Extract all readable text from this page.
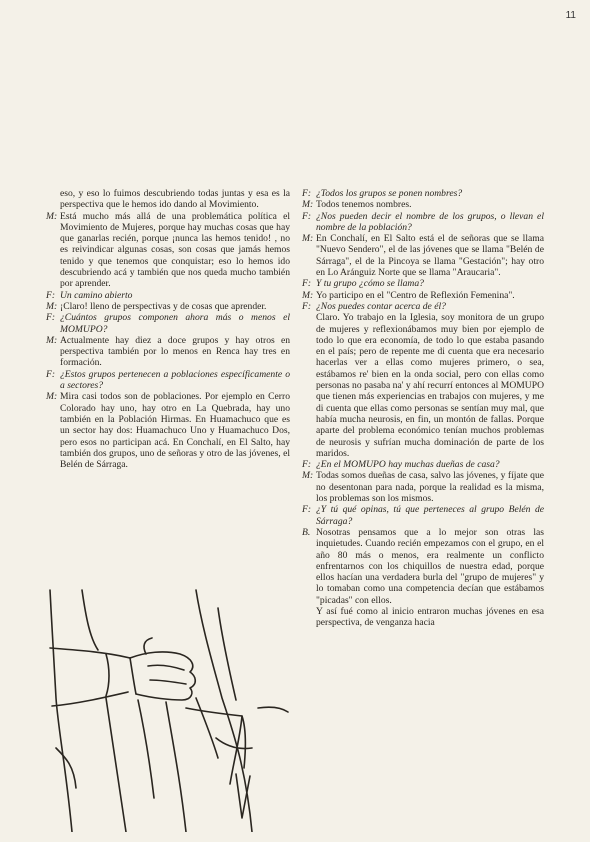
11
eso, y eso lo fuimos descubriendo todas juntas y esa es la perspectiva que le hemos ido dando al Movimiento.
M: Está mucho más allá de una problemática política el Movimiento de Mujeres, porque hay muchas cosas que hay que ganarlas recién, porque ¡nunca las hemos tenido! , no es reivindicar algunas cosas, son cosas que jamás hemos tenido y que tenemos que conquistar; eso lo hemos ido descubriendo acá y también que nos queda mucho también por aprender.
F: Un camino abierto
M: ¡Claro! lleno de perspectivas y de cosas que aprender.
F: ¿Cuántos grupos componen ahora más o menos el MOMUPO?
M: Actualmente hay diez a doce grupos y hay otros en perspectiva también por lo menos en Renca hay tres en formación.
F: ¿Estos grupos pertenecen a poblaciones específicamente o a sectores?
M: Mira casi todos son de poblaciones. Por ejemplo en Cerro Colorado hay uno, hay otro en La Quebrada, hay uno también en la Población Hirmas. En Huamachuco que es un sector hay dos: Huamachuco Uno y Huamachuco Dos, pero esos no participan acá. En Conchalí, en El Salto, hay también dos grupos, uno de señoras y otro de las jóvenes, el Belén de Sárraga.
F: ¿Todos los grupos se ponen nombres?
M: Todos tenemos nombres.
F: ¿Nos pueden decir el nombre de los grupos, o llevan el nombre de la población?
M: En Conchalí, en El Salto está el de señoras que se llama "Nuevo Sendero", el de las jóvenes que se llama "Belén de Sárraga", el de la Pincoya se llama "Gestación"; hay otro en Lo Aránguiz Norte que se llama "Araucaria".
F: Y tu grupo ¿cómo se llama?
M: Yo participo en el "Centro de Reflexión Femenina".
F: ¿Nos puedes contar acerca de él?
Claro. Yo trabajo en la Iglesia, soy monitora de un grupo de mujeres y reflexionábamos muy bien por ejemplo de todo lo que era economía, de todo lo que estaba pasando en el país; pero de repente me di cuenta que era necesario hacerlas ver a ellas como mujeres primero, o sea, estábamos re' bien en la onda social, pero con ellas como personas no pasaba na' y ahí recurrí entonces al MOMUPO que tienen más experiencias en trabajos con mujeres, y me di cuenta que ellas como personas se sentían muy mal, que había mucha neurosis, en fin, un montón de fallas. Porque aparte del problema económico tenían muchos problemas de neurosis y sufrían mucha dominación de parte de los maridos.
F: ¿En el MOMUPO hay muchas dueñas de casa?
M: Todas somos dueñas de casa, salvo las jóvenes, y fíjate que no desentonan para nada, porque la realidad es la misma, los problemas son los mismos.
F: ¿Y tú qué opinas, tú que perteneces al grupo Belén de Sárraga?
B. Nosotras pensamos que a lo mejor son otras las inquietudes. Cuando recién empezamos con el grupo, en el año 80 más o menos, era realmente un conflicto enfrentarnos con los chiquillos de nuestra edad, porque ellos hacían una verdadera burla del "grupo de mujeres" y lo tomaban como una competencia decían que estábamos "picadas" con ellos.
Y así fué como al inicio entraron muchas jóvenes en esa perspectiva, de venganza hacia
